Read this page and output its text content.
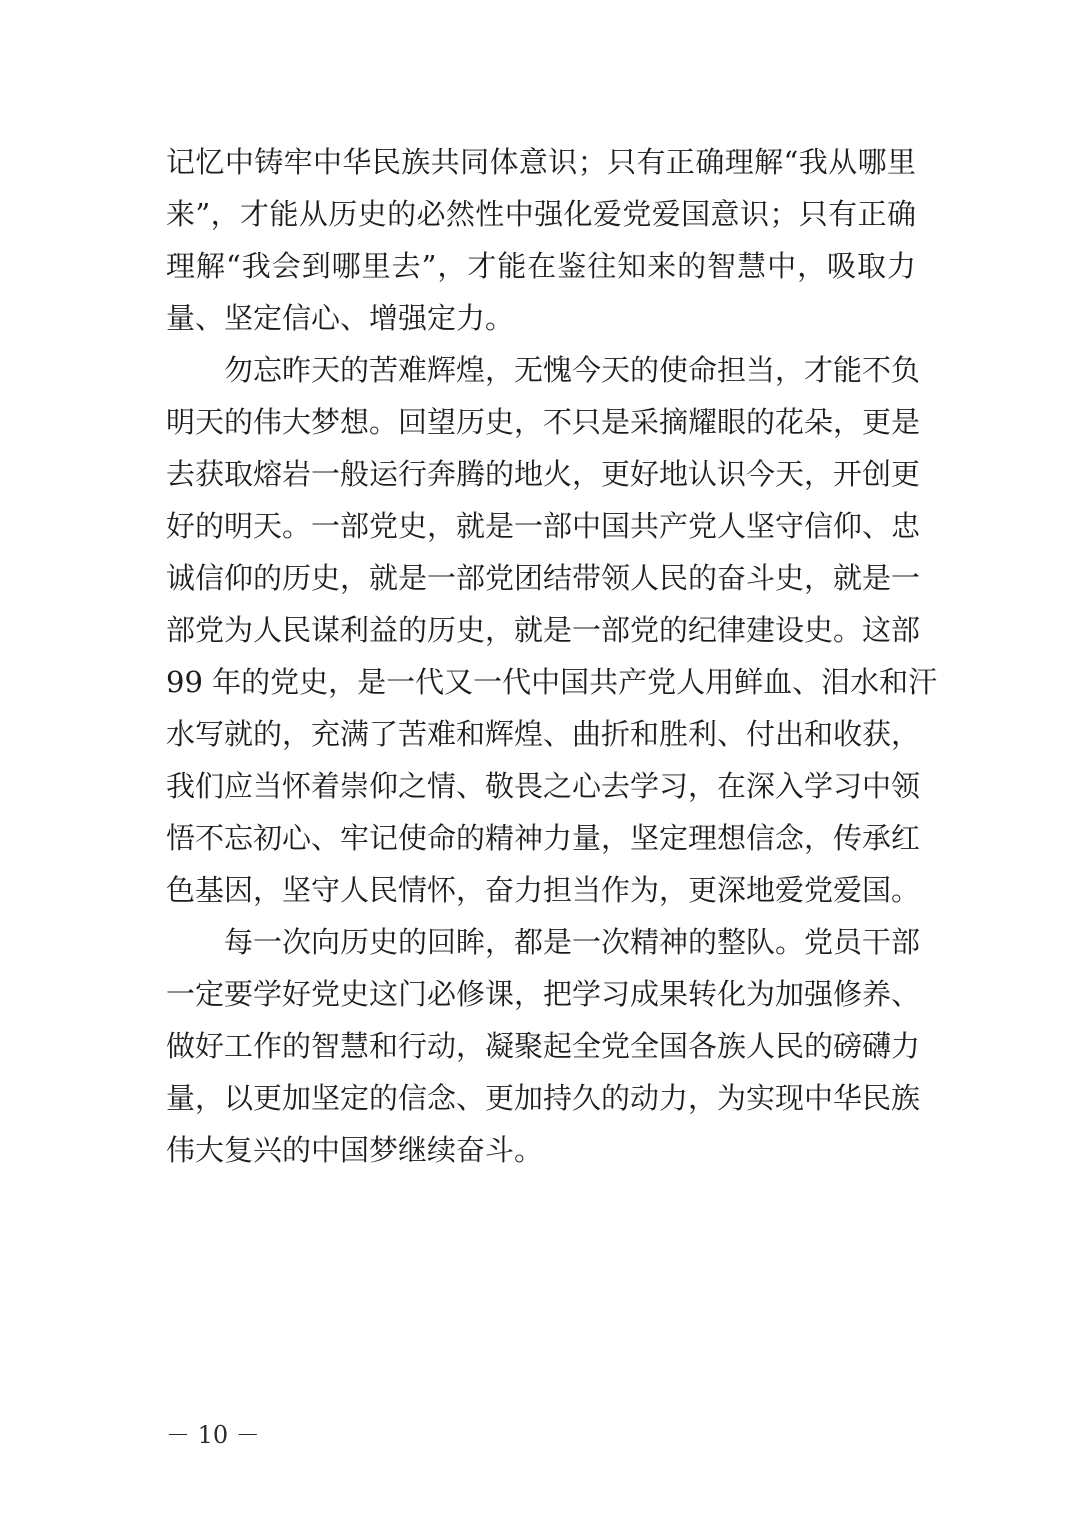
记忆中铸牢中华民族共同体意识；只有正确理解“我从哪里
来”，才能从历史的必然性中强化爱党爱国意识；只有正确
理解“我会到哪里去”，才能在鉴往知来的智慧中，吸取力
量、坚定信心、增强定力。
　　勿忘昨天的苦难辉煌，无愧今天的使命担当，才能不负
明天的伟大梦想。回望历史，不只是采摘耀眼的花朵，更是
去获取熔岩一般运行奔腾的地火，更好地认识今天，开创更
好的明天。一部党史，就是一部中国共产党人坚守信仰、忠
诚信仰的历史，就是一部党团结带领人民的奋斗史，就是一
部党为人民谋利益的历史，就是一部党的纪律建设史。这部
99 年的党史，是一代又一代中国共产党人用鲜血、泪水和汗
水写就的，充满了苦难和辉煌、曲折和胜利、付出和收获，
我们应当怀着崇仰之情、敬畏之心去学习，在深入学习中领
悟不忘初心、牢记使命的精神力量，坚定理想信念，传承红
色基因，坚守人民情怀，奋力担当作为，更深地爱党爱国。
　　每一次向历史的回眸，都是一次精神的整队。党员干部
一定要学好党史这门必修课，把学习成果转化为加强修养、
做好工作的智慧和行动，凝聚起全党全国各族人民的磅礴力
量，以更加坚定的信念、更加持久的动力，为实现中华民族
伟大复兴的中国梦继续奋斗。
－ 10 －
